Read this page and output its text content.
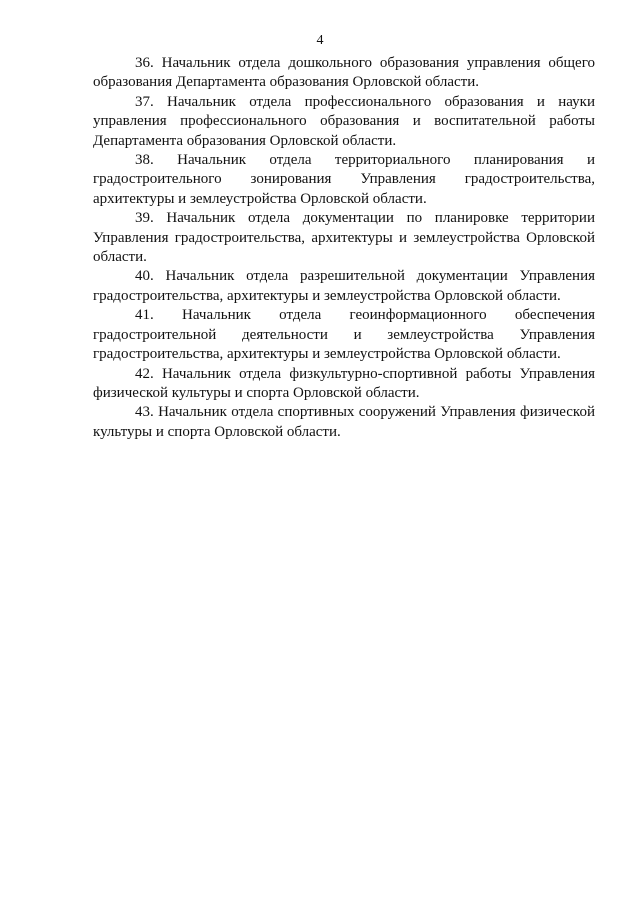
4

36. Начальник отдела дошкольного образования управления общего образования Департамента образования Орловской области.

37. Начальник отдела профессионального образования и науки управления профессионального образования и воспитательной работы Департамента образования Орловской области.

38. Начальник отдела территориального планирования и градостроительного зонирования Управления градостроительства, архитектуры и землеустройства Орловской области.

39. Начальник отдела документации по планировке территории Управления градостроительства, архитектуры и землеустройства Орловской области.

40. Начальник отдела разрешительной документации Управления градостроительства, архитектуры и землеустройства Орловской области.

41. Начальник отдела геоинформационного обеспечения градостроительной деятельности и землеустройства Управления градостроительства, архитектуры и землеустройства Орловской области.

42. Начальник отдела физкультурно-спортивной работы Управления физической культуры и спорта Орловской области.

43. Начальник отдела спортивных сооружений Управления физической культуры и спорта Орловской области.
